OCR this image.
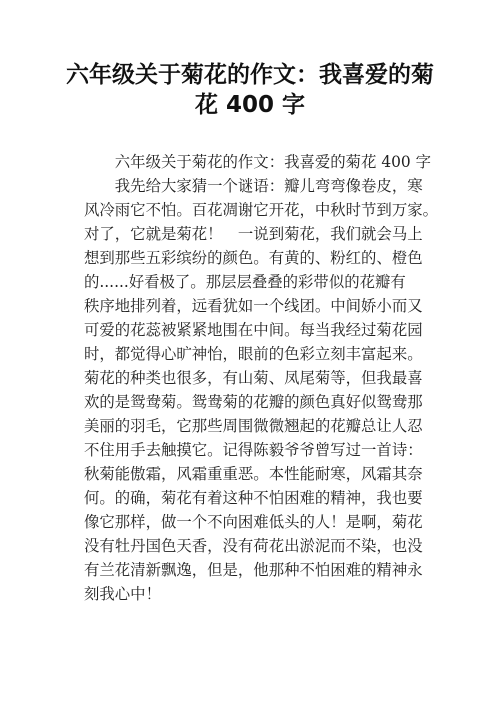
六年级关于菊花的作文：我喜爱的菊
花 400 字
　　六年级关于菊花的作文：我喜爱的菊花 400 字
　　我先给大家猜一个谜语：瓣儿弯弯像卷皮，寒
风冷雨它不怕。百花凋谢它开花，中秋时节到万家。
对了，它就是菊花！　一说到菊花，我们就会马上
想到那些五彩缤纷的颜色。有黄的、粉红的、橙色
的......好看极了。那层层叠叠的彩带似的花瓣有
秩序地排列着，远看犹如一个线团。中间娇小而又
可爱的花蕊被紧紧地围在中间。每当我经过菊花园
时，都觉得心旷神怡，眼前的色彩立刻丰富起来。
菊花的种类也很多，有山菊、凤尾菊等，但我最喜
欢的是鸳鸯菊。鸳鸯菊的花瓣的颜色真好似鸳鸯那
美丽的羽毛，它那些周围微微翘起的花瓣总让人忍
不住用手去触摸它。记得陈毅爷爷曾写过一首诗：
秋菊能傲霜，风霜重重恶。本性能耐寒，风霜其奈
何。的确，菊花有着这种不怕困难的精神，我也要
像它那样，做一个不向困难低头的人！是啊，菊花
没有牡丹国色天香，没有荷花出淤泥而不染，也没
有兰花清新飘逸，但是，他那种不怕困难的精神永
刻我心中！
